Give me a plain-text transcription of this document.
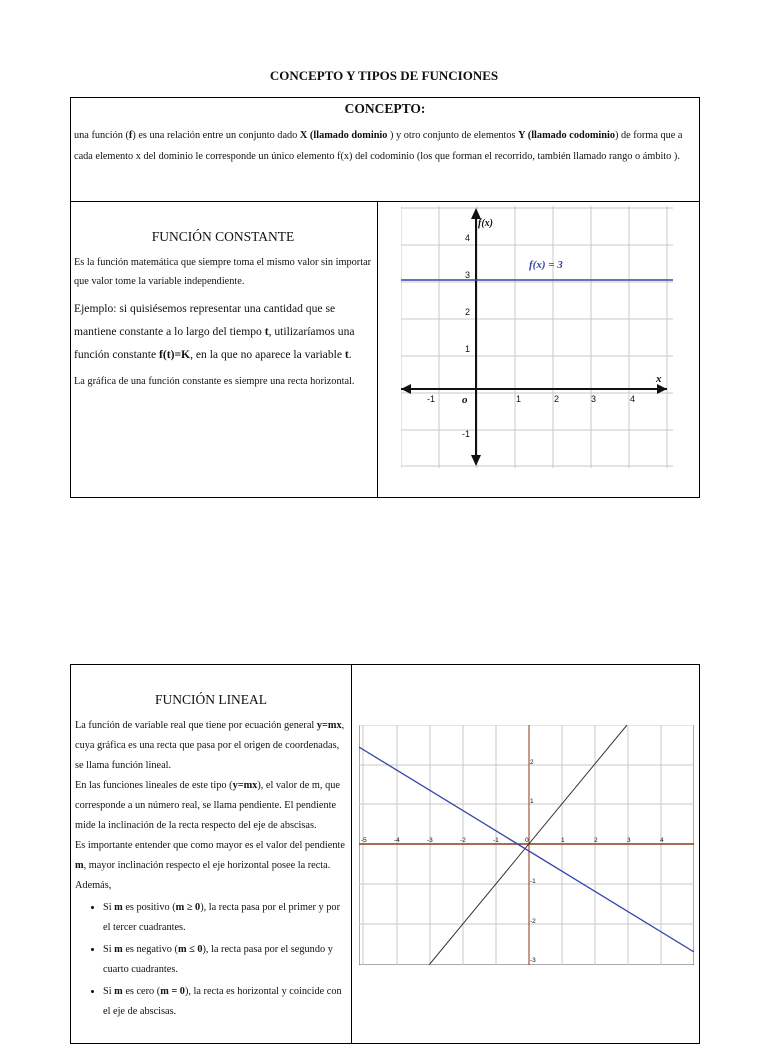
CONCEPTO Y TIPOS DE FUNCIONES
CONCEPTO:
una función (f) es una relación entre un conjunto dado X (llamado dominio ) y otro conjunto de elementos Y (llamado codominio) de forma que a cada elemento x del dominio le corresponde un único elemento f(x) del codominio (los que forman el recorrido, también llamado rango o ámbito ).
FUNCIÓN CONSTANTE

Es la función matemática que siempre toma el mismo valor sin importar que valor tome la variable independiente.

Ejemplo: si quisiésemos representar una cantidad que se mantiene constante a lo largo del tiempo t, utilizaríamos una función constante f(t)=K, en la que no aparece la variable t.

La gráfica de una función constante es siempre una recta horizontal.

-1	1	2	3	4
4
3
2
1
-1
f(x)
x
o
f(x) = 3
FUNCIÓN LINEAL

La función de variable real que tiene por ecuación general y=mx, cuya gráfica es una recta que pasa por el origen de coordenadas, se llama función lineal.

En las funciones lineales de este tipo (y=mx), el valor de m, que corresponde a un número real, se llama pendiente. El pendiente mide la inclinación de la recta respecto del eje de abscisas.

Es importante entender que como mayor es el valor del pendiente m, mayor inclinación respecto el eje horizontal posee la recta. Además,

• Si m es positivo (m ≥ 0), la recta pasa por el primer y por el tercer cuadrantes.
• Si m es negativo (m ≤ 0), la recta pasa por el segundo y cuarto cuadrantes.
• Si m es cero (m = 0), la recta es horizontal y coincide con el eje de abscisas.
-5	-4	-3	-2	-1	0	1	2	3	4
2
1
-1
-2
-3
